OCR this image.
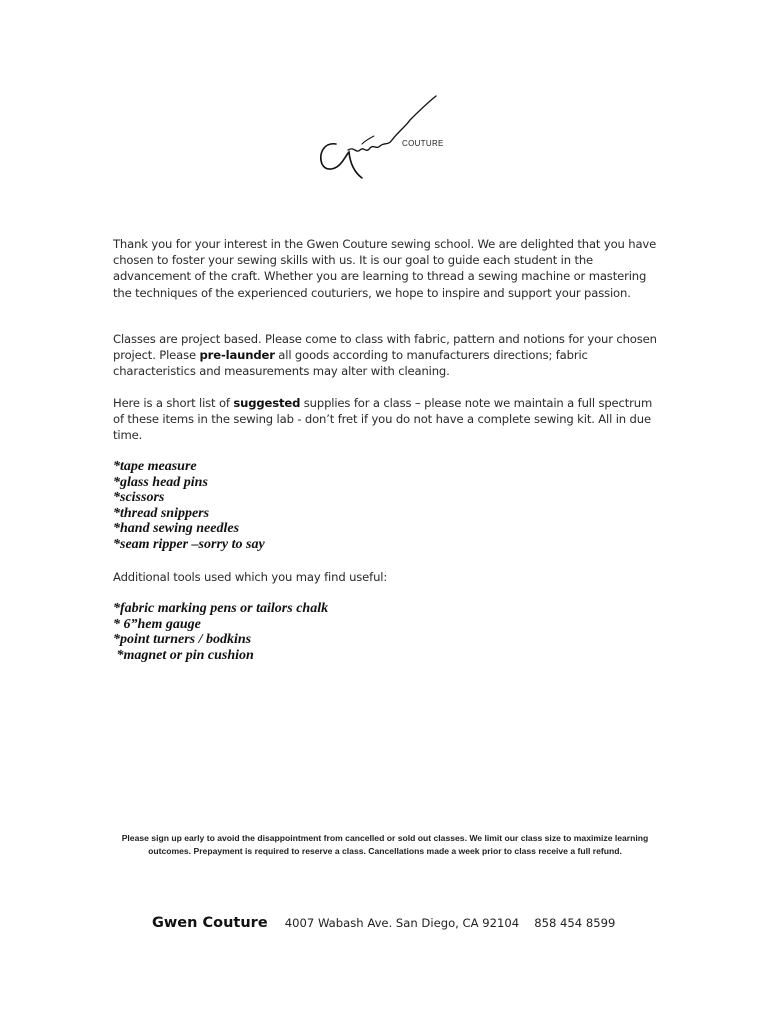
COUTURE
Thank you for your interest in the Gwen Couture sewing school. We are delighted that you have chosen to foster your sewing skills with us. It is our goal to guide each student in the advancement of the craft. Whether you are learning to thread a sewing machine or mastering the techniques of the experienced couturiers, we hope to inspire and support your passion.
Classes are project based. Please come to class with fabric, pattern and notions for your chosen project. Please pre-launder all goods according to manufacturers directions; fabric characteristics and measurements may alter with cleaning.
Here is a short list of suggested supplies for a class – please note we maintain a full spectrum of these items in the sewing lab - don’t fret if you do not have a complete sewing kit. All in due time.
*tape measure
*glass head pins
*scissors
*thread snippers
*hand sewing needles
*seam ripper –sorry to say
Additional tools used which you may find useful:
*fabric marking pens or tailors chalk
* 6”hem gauge
*point turners / bodkins
*magnet or pin cushion
Please sign up early to avoid the disappointment from cancelled or sold out classes. We limit our class size to maximize learning outcomes. Prepayment is required to reserve a class. Cancellations made a week prior to class receive a full refund.
Gwen Couture 4007 Wabash Ave. San Diego, CA 92104 858 454 8599
